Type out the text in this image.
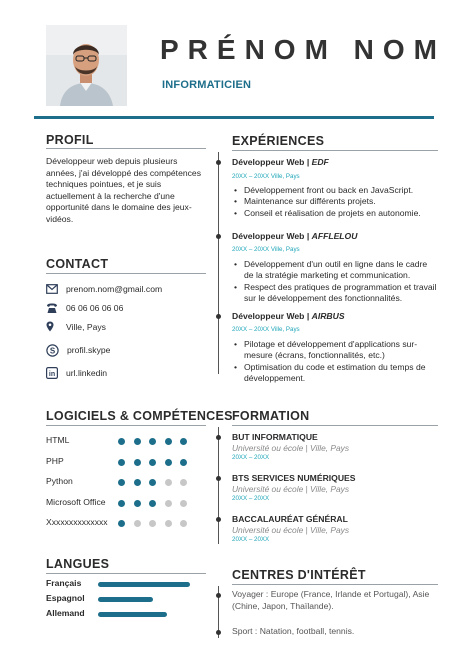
PRÉNOM NOM
INFORMATICIEN
PROFIL
Développeur web depuis plusieurs années, j'ai développé des compétences techniques pointues, et je suis actuellement à la recherche d'une opportunité dans le domaine des jeux-vidéos.
CONTACT
prenom.nom@gmail.com
06 06 06 06 06
Ville, Pays
S profil.skype
in url.linkedin
LOGICIELS & COMPÉTENCES
HTML
PHP
Python
Microsoft Office
Xxxxxxxxxxxxxx
LANGUES
Français
Espagnol
Allemand
EXPÉRIENCES
Développeur Web | EDF
20XX – 20XX Ville, Pays
• Développement front ou back en JavaScript.
• Maintenance sur différents projets.
• Conseil et réalisation de projets en autonomie.
Développeur Web | AFFLELOU
20XX – 20XX Ville, Pays
• Développement d'un outil en ligne dans le cadre de la stratégie marketing et communication.
• Respect des pratiques de programmation et travail sur le développement des fonctionnalités.
Développeur Web | AIRBUS
20XX – 20XX Ville, Pays
• Pilotage et développement d'applications sur-mesure (écrans, fonctionnalités, etc.)
• Optimisation du code et estimation du temps de développement.
FORMATION
BUT INFORMATIQUE
Université ou école | Ville, Pays
20XX – 20XX
BTS SERVICES NUMÉRIQUES
Université ou école | Ville, Pays
20XX – 20XX
BACCALAURÉAT GÉNÉRAL
Université ou école | Ville, Pays
20XX – 20XX
CENTRES D'INTÉRÊT
Voyager : Europe (France, Irlande et Portugal), Asie (Chine, Japon, Thaïlande).
Sport : Natation, football, tennis.
